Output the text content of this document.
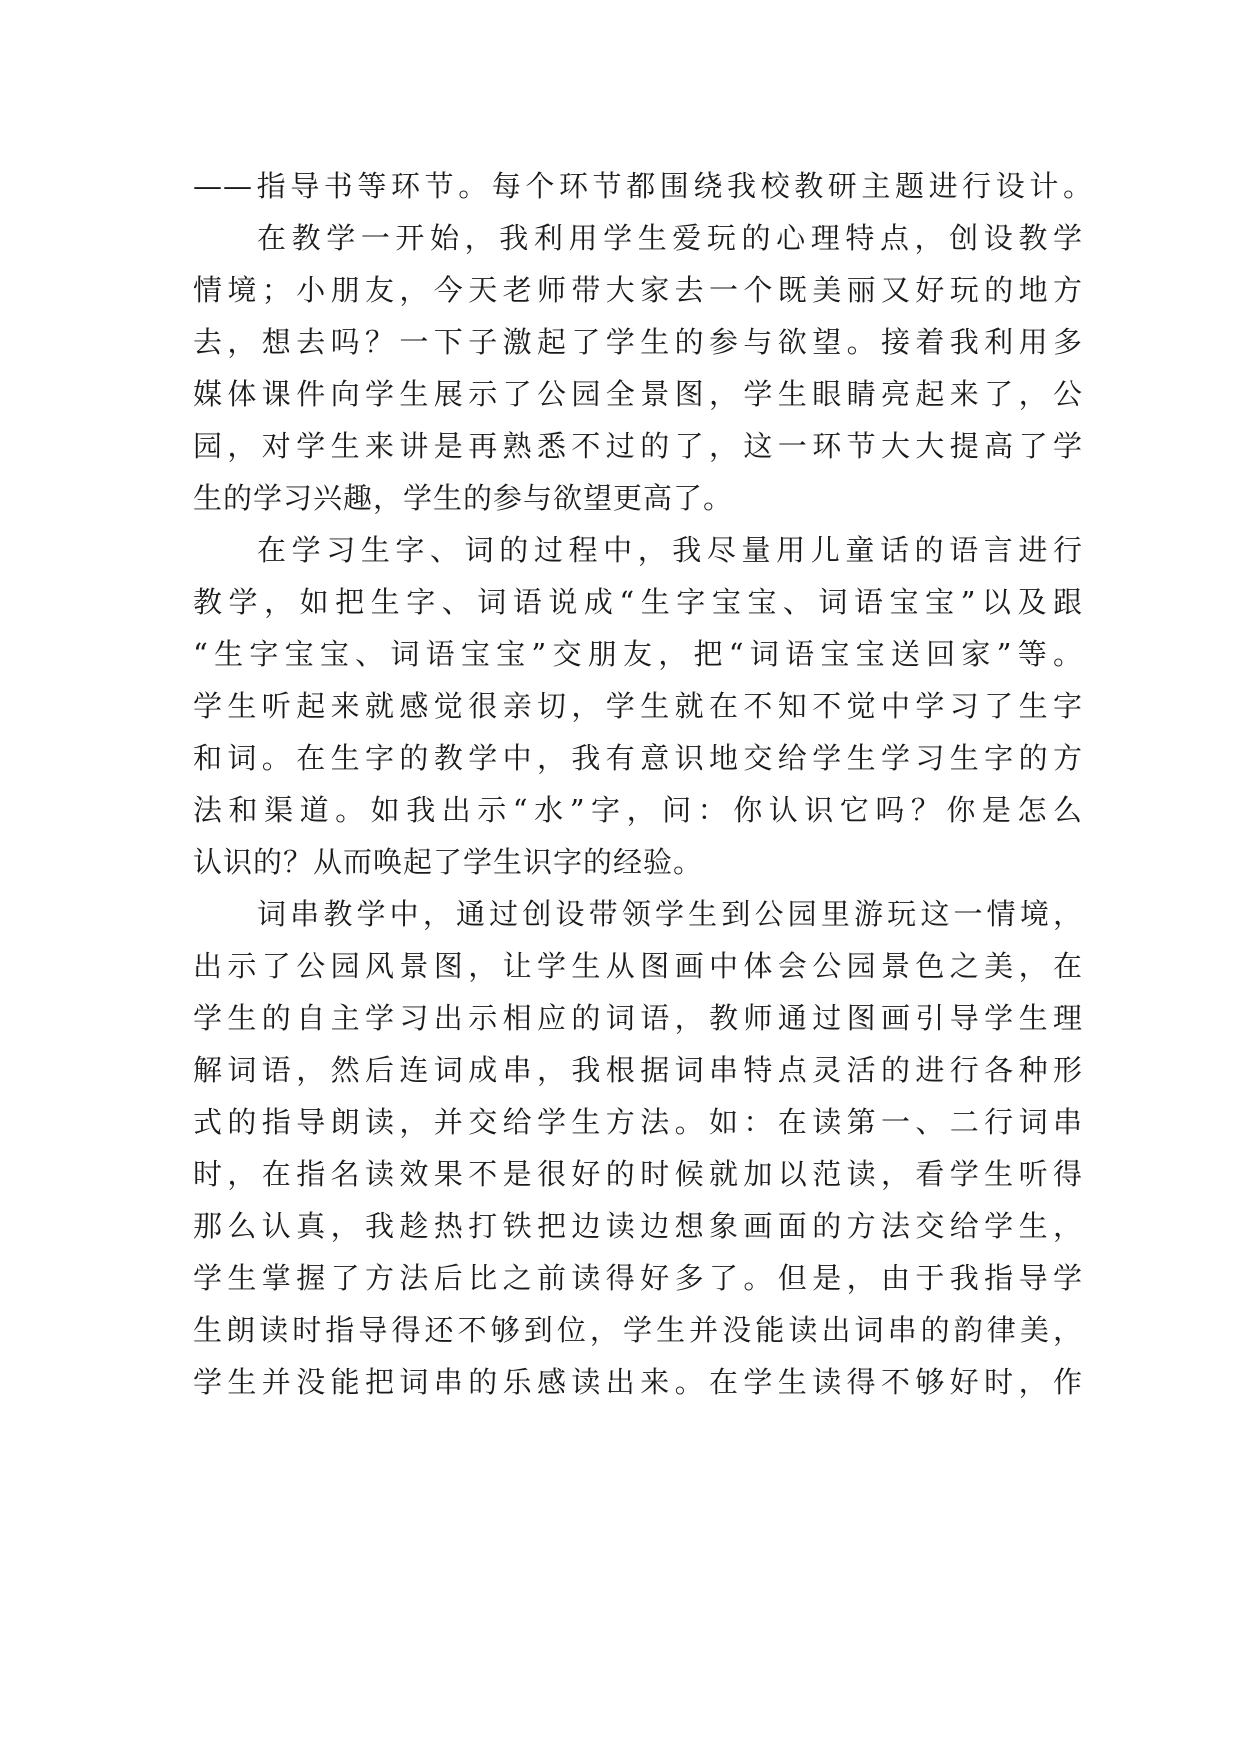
——指导书等环节。每个环节都围绕我校教研主题进行设计。
在教学一开始，我利用学生爱玩的心理特点，创设教学
情境；小朋友，今天老师带大家去一个既美丽又好玩的地方
去，想去吗？一下子激起了学生的参与欲望。接着我利用多
媒体课件向学生展示了公园全景图，学生眼睛亮起来了，公
园，对学生来讲是再熟悉不过的了，这一环节大大提高了学
生的学习兴趣，学生的参与欲望更高了。
在学习生字、词的过程中，我尽量用儿童话的语言进行
教学，如把生字、词语说成“生字宝宝、词语宝宝”以及跟
“生字宝宝、词语宝宝”交朋友，把“词语宝宝送回家”等。
学生听起来就感觉很亲切，学生就在不知不觉中学习了生字
和词。在生字的教学中，我有意识地交给学生学习生字的方
法和渠道。如我出示“水”字，问：你认识它吗？你是怎么
认识的？从而唤起了学生识字的经验。
词串教学中，通过创设带领学生到公园里游玩这一情境，
出示了公园风景图，让学生从图画中体会公园景色之美，在
学生的自主学习出示相应的词语，教师通过图画引导学生理
解词语，然后连词成串，我根据词串特点灵活的进行各种形
式的指导朗读，并交给学生方法。如：在读第一、二行词串
时，在指名读效果不是很好的时候就加以范读，看学生听得
那么认真，我趁热打铁把边读边想象画面的方法交给学生，
学生掌握了方法后比之前读得好多了。但是，由于我指导学
生朗读时指导得还不够到位，学生并没能读出词串的韵律美，
学生并没能把词串的乐感读出来。在学生读得不够好时，作
